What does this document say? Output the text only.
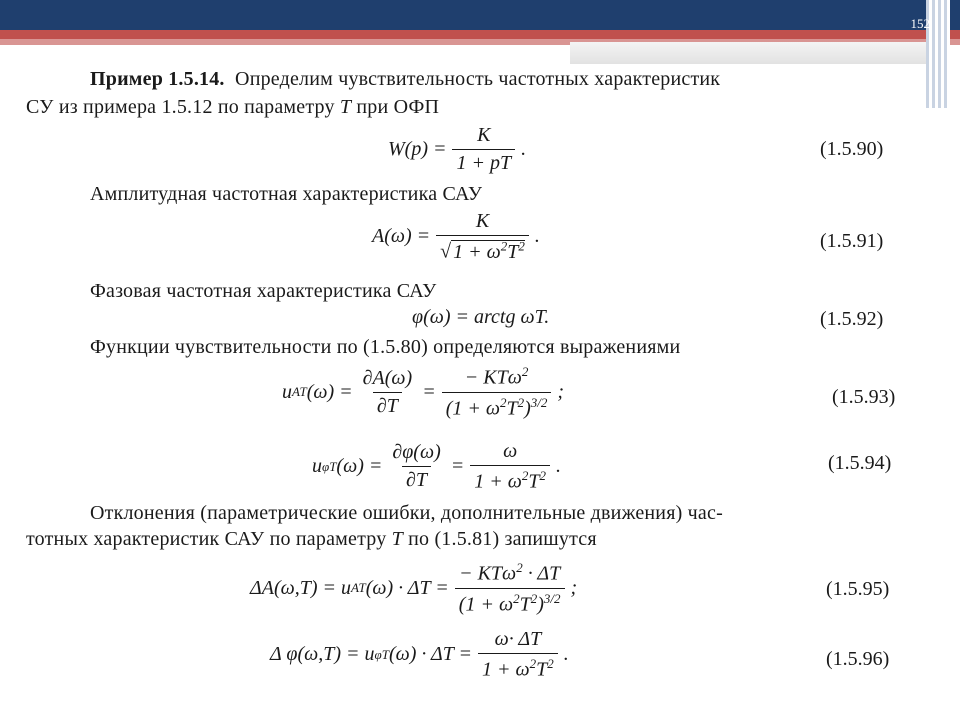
152
Пример 1.5.14. Определим чувствительность частотных характеристик
СУ из примера 1.5.12 по параметру T при ОФП
$W(p) = \frac{K}{1 + pT}$ .	(1.5.90)
Амплитудная частотная характеристика САУ
$A(\omega) = \frac{K}{√ 1 + \omega^2T^2}$ .	(1.5.91)
Фазовая частотная характеристика САУ
φ(ω) = arctg ωT.	(1.5.92)
Функции чувствительности по (1.5.80) определяются выражениями
u AT $(\omega) = \frac{\partial A(\omega)}{\partial T} = \frac{- KT\omega^2}{(1 + \omega^2T^2)^{3/2}}$ ;	(1.5.93)
u φT $(\omega) = \frac{\partial\varphi(\omega)}{\partial T} = \frac{\omega}{1 + \omega^2T^2}$ .	(1.5.94)
Отклонения (параметрические ошибки, дополнительные движения) час-
тотных характеристик САУ по параметру T по (1.5.81) запишутся
ΔA(ω,T) = u AT $(\omega) \cdot \Delta T = \frac{- KT\omega^2 \cdot \Delta T}{(1 + \omega^2T^2)^{3/2}}$ ;	(1.5.95)
Δ φ(ω,T) = u φT $(\omega) \cdot \Delta T = \frac{\omega\cdot \Delta T}{1 + \omega^2T^2}$ .	(1.5.96)
